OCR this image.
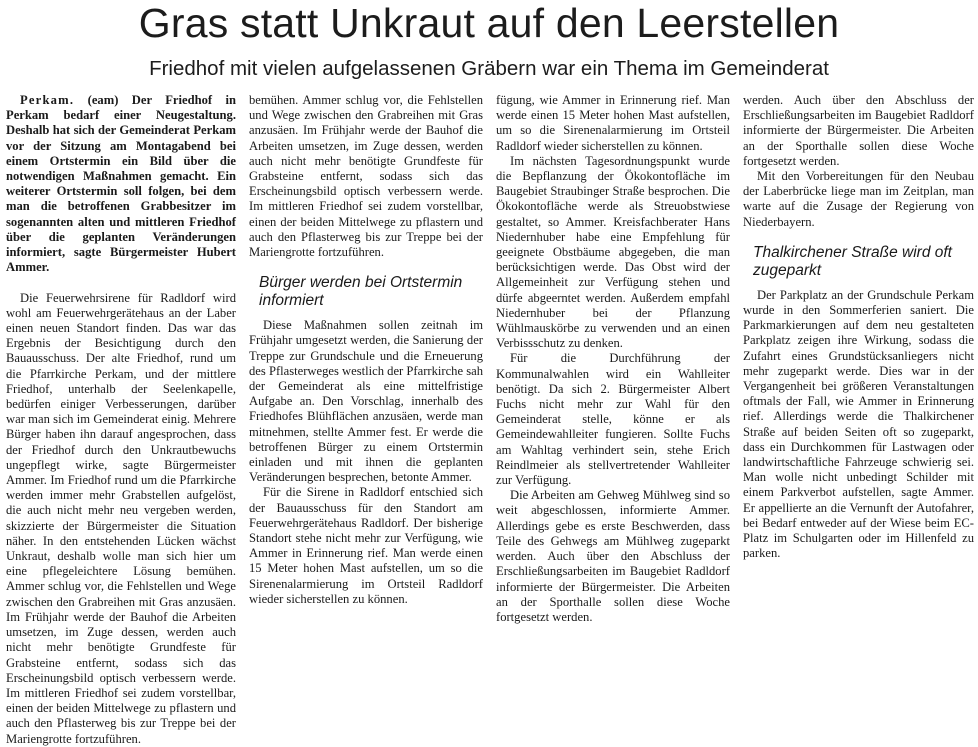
Gras statt Unkraut auf den Leerstellen
Friedhof mit vielen aufgelassenen Gräbern war ein Thema im Gemeinderat

Perkam. (eam) Der Friedhof in Perkam bedarf einer Neugestaltung. Deshalb hat sich der Gemeinderat Perkam vor der Sitzung am Montagabend bei einem Ortstermin ein Bild über die notwendigen Maßnahmen gemacht. Ein weiterer Ortstermin soll folgen, bei dem man die betroffenen Grabbesitzer im sogenannten alten und mittleren Friedhof über die geplanten Veränderungen informiert, sagte Bürgermeister Hubert Ammer.

Die Feuerwehrsirene für Radldorf wird wohl am Feuerwehrgerätehaus an der Laber einen neuen Standort finden. Das war das Ergebnis der Besichtigung durch den Bauausschuss. Der alte Friedhof, rund um die Pfarrkirche Perkam, und der mittlere Friedhof, unterhalb der Seelenkapelle, bedürfen einiger Verbesserungen, darüber war man sich im Gemeinderat einig. Mehrere Bürger haben ihn darauf angesprochen, dass der Friedhof durch den Unkrautbewuchs ungepflegt wirke, sagte Bürgermeister Ammer. Im Friedhof rund um die Pfarrkirche werden immer mehr Grabstellen aufgelöst, die auch nicht mehr neu vergeben werden, skizzierte der Bürgermeister die Situation näher. In den entstehenden Lücken wächst Unkraut, deshalb wolle man sich hier um eine pflegeleichtere Lösung bemühen. Ammer schlug vor, die Fehlstellen und Wege zwischen den Grabreihen mit Gras anzusäen. Im Frühjahr werde der Bauhof die Arbeiten umsetzen, im Zuge dessen, werden auch nicht mehr benötigte Grundfeste für Grabsteine entfernt, sodass sich das Erscheinungsbild optisch verbessern werde. Im mittleren Friedhof sei zudem vorstellbar, einen der beiden Mittelwege zu pflastern und auch den Pflasterweg bis zur Treppe bei der Mariengrotte fortzuführen.

bemühen. Ammer schlug vor, die Fehlstellen und Wege zwischen den Grabreihen mit Gras anzusäen. Im Frühjahr werde der Bauhof die Arbeiten umsetzen, im Zuge dessen, werden auch nicht mehr benötigte Grundfeste für Grabsteine entfernt, sodass sich das Erscheinungsbild optisch verbessern werde. Im mittleren Friedhof sei zudem vorstellbar, einen der beiden Mittelwege zu pflastern und auch den Pflasterweg bis zur Treppe bei der Mariengrotte fortzuführen.

Bürger werden bei Ortstermin informiert

Diese Maßnahmen sollen zeitnah im Frühjahr umgesetzt werden, die Sanierung der Treppe zur Grundschule und die Erneuerung des Pflasterweges westlich der Pfarrkirche sah der Gemeinderat als eine mittelfristige Aufgabe an. Den Vorschlag, innerhalb des Friedhofes Blühflächen anzusäen, werde man mitnehmen, stellte Ammer fest. Er werde die betroffenen Bürger zu einem Ortstermin einladen und mit ihnen die geplanten Veränderungen besprechen, betonte Ammer.

Für die Sirene in Radldorf entschied sich der Bauausschuss für den Standort am Feuerwehrgerätehaus Radldorf. Der bisherige Standort stehe nicht mehr zur Verfügung, wie Ammer in Erinnerung rief. Man werde einen 15 Meter hohen Mast aufstellen, um so die Sirenenalarmierung im Ortsteil Radldorf wieder sicherstellen zu können.

fügung, wie Ammer in Erinnerung rief. Man werde einen 15 Meter hohen Mast aufstellen, um so die Sirenenalarmierung im Ortsteil Radldorf wieder sicherstellen zu können.

Im nächsten Tagesordnungspunkt wurde die Bepflanzung der Ökokontofläche im Baugebiet Straubinger Straße besprochen. Die Ökokontofläche werde als Streuobstwiese gestaltet, so Ammer. Kreisfachberater Hans Niedernhuber habe eine Empfehlung für geeignete Obstbäume abgegeben, die man berücksichtigen werde. Das Obst wird der Allgemeinheit zur Verfügung stehen und dürfe abgeerntet werden. Außerdem empfahl Niedernhuber bei der Pflanzung Wühlmauskörbe zu verwenden und an einen Verbissschutz zu denken.

Für die Durchführung der Kommunalwahlen wird ein Wahlleiter benötigt. Da sich 2. Bürgermeister Albert Fuchs nicht mehr zur Wahl für den Gemeinderat stelle, könne er als Gemeindewahlleiter fungieren. Sollte Fuchs am Wahltag verhindert sein, stehe Erich Reindlmeier als stellvertretender Wahlleiter zur Verfügung.

Die Arbeiten am Gehweg Mühlweg sind so weit abgeschlossen, informierte Ammer. Allerdings gebe es erste Beschwerden, dass Teile des Gehwegs am Mühlweg zugeparkt werden. Auch über den Abschluss der Erschließungsarbeiten im Baugebiet Radldorf informierte der Bürgermeister. Die Arbeiten an der Sporthalle sollen diese Woche fortgesetzt werden.

werden. Auch über den Abschluss der Erschließungsarbeiten im Baugebiet Radldorf informierte der Bürgermeister. Die Arbeiten an der Sporthalle sollen diese Woche fortgesetzt werden.

Mit den Vorbereitungen für den Neubau der Laberbrücke liege man im Zeitplan, man warte auf die Zusage der Regierung von Niederbayern.

Thalkirchener Straße wird oft zugeparkt

Der Parkplatz an der Grundschule Perkam wurde in den Sommerferien saniert. Die Parkmarkierungen auf dem neu gestalteten Parkplatz zeigen ihre Wirkung, sodass die Zufahrt eines Grundstücksanliegers nicht mehr zugeparkt werde. Dies war in der Vergangenheit bei größeren Veranstaltungen oftmals der Fall, wie Ammer in Erinnerung rief. Allerdings werde die Thalkirchener Straße auf beiden Seiten oft so zugeparkt, dass ein Durchkommen für Lastwagen oder landwirtschaftliche Fahrzeuge schwierig sei. Man wolle nicht unbedingt Schilder mit einem Parkverbot aufstellen, sagte Ammer. Er appellierte an die Vernunft der Autofahrer, bei Bedarf entweder auf der Wiese beim EC-Platz im Schulgarten oder im Hillenfeld zu parken.
